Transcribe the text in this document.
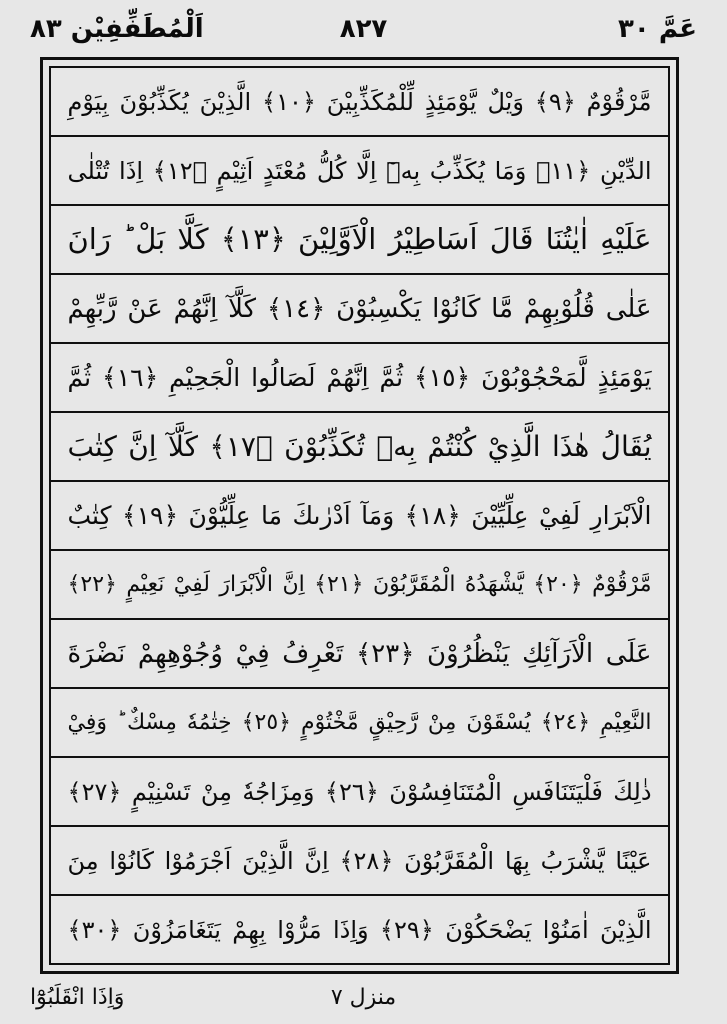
اَلْمُطَفِّفِيْن ٨٣	٨٢٧	عَمَّ ٣٠
مَّرْقُوْمٌ ﴿٩﴾ وَيْلٌ يَّوْمَئِذٍ لِّلْمُكَذِّبِيْنَ ﴿١٠﴾ الَّذِيْنَ يُكَذِّبُوْنَ بِيَوْمِ
الدِّيْنِ ﴿١١﴾ وَمَا يُكَذِّبُ بِهٖٓ اِلَّا كُلُّ مُعْتَدٍ اَثِيْمٍ ﴿١٢﴾ اِذَا تُتْلٰى
عَلَيْهِ اٰيٰتُنَا قَالَ اَسَاطِيْرُ الْاَوَّلِيْنَ ﴿١٣﴾ كَلَّا بَلْ ؕ رَانَ
عَلٰى قُلُوْبِهِمْ مَّا كَانُوْا يَكْسِبُوْنَ ﴿١٤﴾ كَلَّآ اِنَّهُمْ عَنْ رَّبِّهِمْ
يَوْمَئِذٍ لَّمَحْجُوْبُوْنَ ﴿١٥﴾ ثُمَّ اِنَّهُمْ لَصَالُوا الْجَحِيْمِ ﴿١٦﴾ ثُمَّ
يُقَالُ هٰذَا الَّذِيْ كُنْتُمْ بِهٖ تُكَذِّبُوْنَ ﴿١٧﴾ كَلَّآ اِنَّ كِتٰبَ
الْاَبْرَارِ لَفِيْ عِلِّيِّيْنَ ﴿١٨﴾ وَمَآ اَدْرٰىكَ مَا عِلِّيُّوْنَ ﴿١٩﴾ كِتٰبٌ
مَّرْقُوْمٌ ﴿٢٠﴾ يَّشْهَدُهُ الْمُقَرَّبُوْنَ ﴿٢١﴾ اِنَّ الْاَبْرَارَ لَفِيْ نَعِيْمٍ ﴿٢٢﴾
عَلَى الْاَرَآئِكِ يَنْظُرُوْنَ ﴿٢٣﴾ تَعْرِفُ فِيْ وُجُوْهِهِمْ نَضْرَةَ
النَّعِيْمِ ﴿٢٤﴾ يُسْقَوْنَ مِنْ رَّحِيْقٍ مَّخْتُوْمٍ ﴿٢٥﴾ خِتٰمُهٗ مِسْكٌ ؕ وَفِيْ
ذٰلِكَ فَلْيَتَنَافَسِ الْمُتَنَافِسُوْنَ ﴿٢٦﴾ وَمِزَاجُهٗ مِنْ تَسْنِيْمٍ ﴿٢٧﴾
عَيْنًا يَّشْرَبُ بِهَا الْمُقَرَّبُوْنَ ﴿٢٨﴾ اِنَّ الَّذِيْنَ اَجْرَمُوْا كَانُوْا مِنَ
الَّذِيْنَ اٰمَنُوْا يَضْحَكُوْنَ ﴿٢٩﴾ وَاِذَا مَرُّوْا بِهِمْ يَتَغَامَزُوْنَ ﴿٣٠﴾
وَاِذَا انْقَلَبُوْٓا	منزل ٧
